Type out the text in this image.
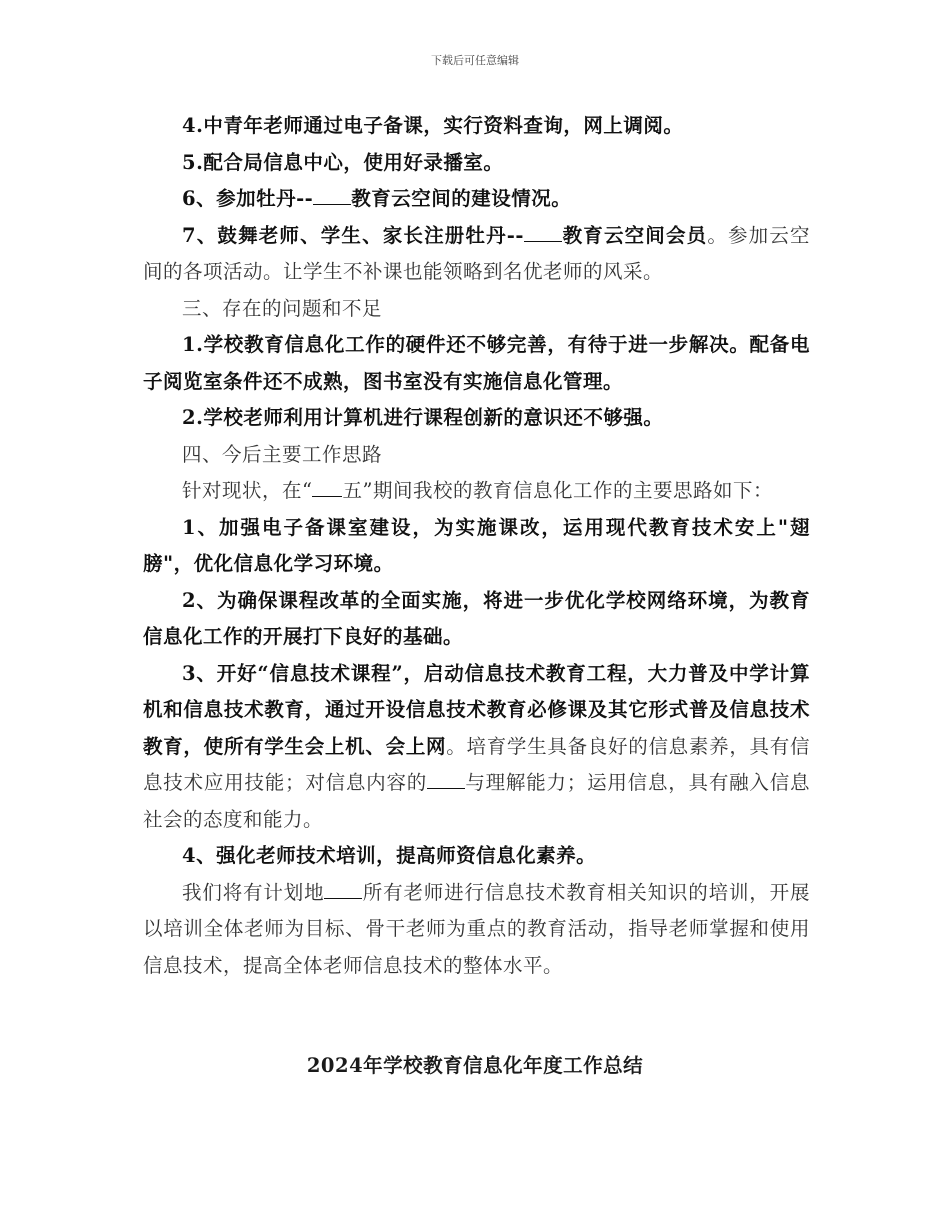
下载后可任意编辑

4.中青年老师通过电子备课，实行资料查询，网上调阅。

5.配合局信息中心，使用好录播室。

6、参加牡丹-- 教育云空间的建设情况。

7、鼓舞老师、学生、家长注册牡丹-- 教育云空间会员。参加云空间的各项活动。让学生不补课也能领略到名优老师的风采。

三、存在的问题和不足

1.学校教育信息化工作的硬件还不够完善，有待于进一步解决。配备电子阅览室条件还不成熟，图书室没有实施信息化管理。

2.学校老师利用计算机进行课程创新的意识还不够强。

四、今后主要工作思路

针对现状，在“ 五”期间我校的教育信息化工作的主要思路如下：

1、加强电子备课室建设，为实施课改，运用现代教育技术安上"翅膀"，优化信息化学习环境。

2、为确保课程改革的全面实施，将进一步优化学校网络环境，为教育信息化工作的开展打下良好的基础。

3、开好“信息技术课程”，启动信息技术教育工程，大力普及中学计算机和信息技术教育，通过开设信息技术教育必修课及其它形式普及信息技术教育，使所有学生会上机、会上网。培育学生具备良好的信息素养，具有信息技术应用技能；对信息内容的 与理解能力；运用信息，具有融入信息社会的态度和能力。

4、强化老师技术培训，提高师资信息化素养。

我们将有计划地 所有老师进行信息技术教育相关知识的培训，开展以培训全体老师为目标、骨干老师为重点的教育活动，指导老师掌握和使用信息技术，提高全体老师信息技术的整体水平。

2024年学校教育信息化年度工作总结
